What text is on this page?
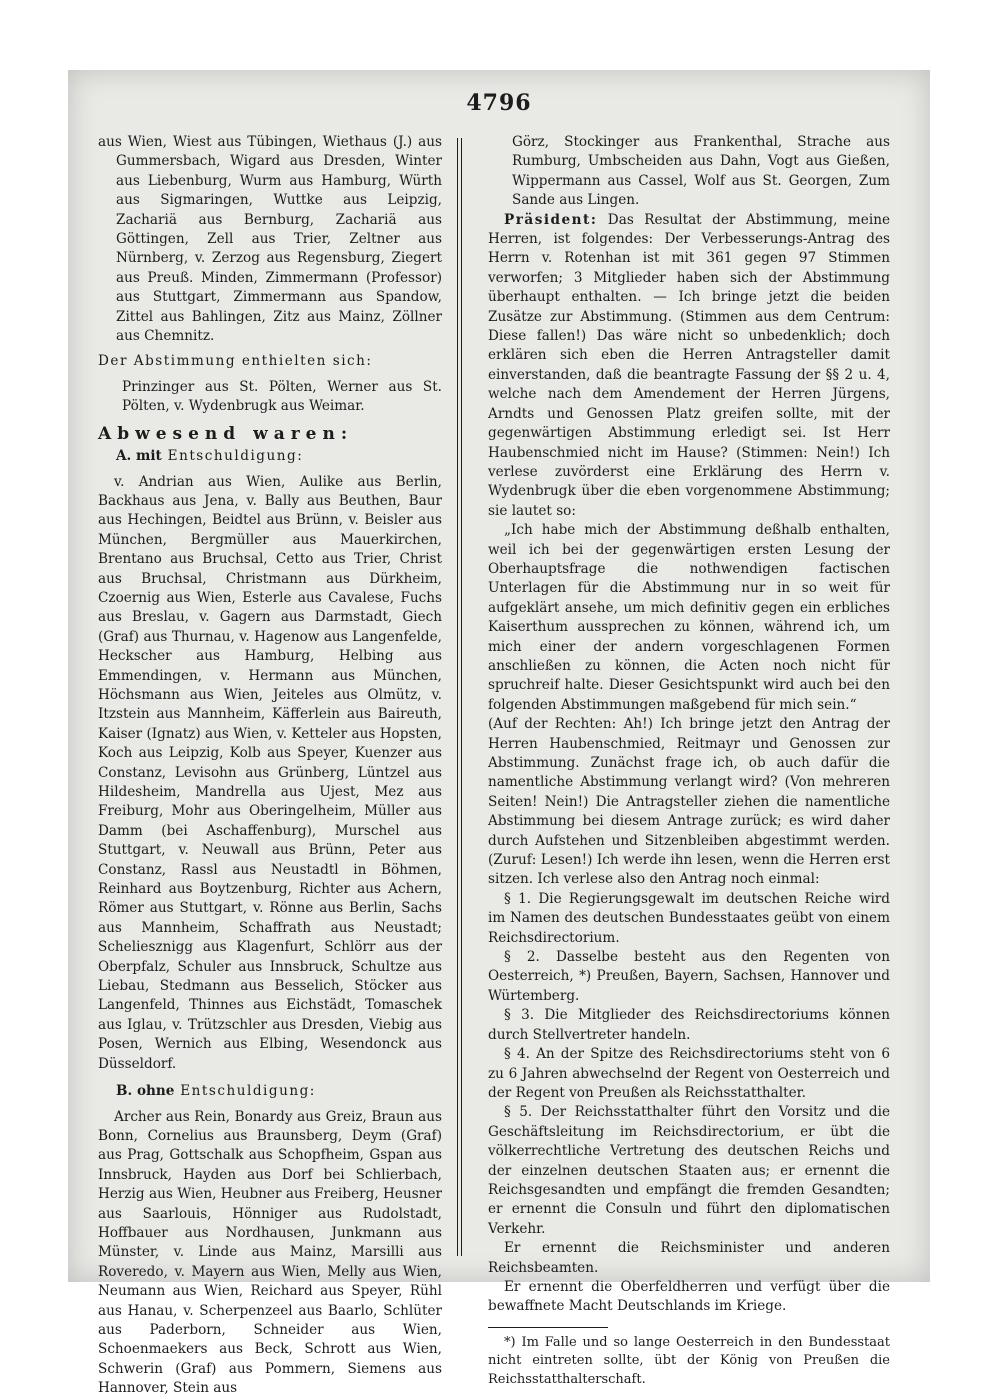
4796

aus Wien, Wiest aus Tübingen, Wiethaus (J.) aus Gummersbach, Wigard aus Dresden, Winter aus Liebenburg, Wurm aus Hamburg, Würth aus Sigmaringen, Wuttke aus Leipzig, Zachariä aus Bernburg, Zachariä aus Göttingen, Zell aus Trier, Zeltner aus Nürnberg, v. Zerzog aus Regensburg, Ziegert aus Preuß. Minden, Zimmermann (Professor) aus Stuttgart, Zimmermann aus Spandow, Zittel aus Bahlingen, Zitz aus Mainz, Zöllner aus Chemnitz.

Der Abstimmung enthielten sich:

Prinzinger aus St. Pölten, Werner aus St. Pölten, v. Wydenbrugk aus Weimar.

Abwesend waren:

A. mit Entschuldigung:

v. Andrian aus Wien, Aulike aus Berlin, Backhaus aus Jena, v. Bally aus Beuthen, Baur aus Hechingen, Beidtel aus Brünn, v. Beisler aus München, Bergmüller aus Mauerkirchen, Brentano aus Bruchsal, Cetto aus Trier, Christ aus Bruchsal, Christmann aus Dürkheim, Czoernig aus Wien, Esterle aus Cavalese, Fuchs aus Breslau, v. Gagern aus Darmstadt, Giech (Graf) aus Thurnau, v. Hagenow aus Langenfelde, Heckscher aus Hamburg, Helbing aus Emmendingen, v. Hermann aus München, Höchsmann aus Wien, Jeiteles aus Olmütz, v. Itzstein aus Mannheim, Käfferlein aus Baireuth, Kaiser (Ignatz) aus Wien, v. Ketteler aus Hopsten, Koch aus Leipzig, Kolb aus Speyer, Kuenzer aus Constanz, Levisohn aus Grünberg, Lüntzel aus Hildesheim, Mandrella aus Ujest, Mez aus Freiburg, Mohr aus Oberingelheim, Müller aus Damm (bei Aschaffenburg), Murschel aus Stuttgart, v. Neuwall aus Brünn, Peter aus Constanz, Rassl aus Neustadtl in Böhmen, Reinhard aus Boytzenburg, Richter aus Achern, Römer aus Stuttgart, v. Rönne aus Berlin, Sachs aus Mannheim, Schaffrath aus Neustadt; Scheliesznigg aus Klagenfurt, Schlörr aus der Oberpfalz, Schuler aus Innsbruck, Schultze aus Liebau, Stedmann aus Besselich, Stöcker aus Langenfeld, Thinnes aus Eichstädt, Tomaschek aus Iglau, v. Trützschler aus Dresden, Viebig aus Posen, Wernich aus Elbing, Wesendonck aus Düsseldorf.

B. ohne Entschuldigung:

Archer aus Rein, Bonardy aus Greiz, Braun aus Bonn, Cornelius aus Braunsberg, Deym (Graf) aus Prag, Gottschalk aus Schopfheim, Gspan aus Innsbruck, Hayden aus Dorf bei Schlierbach, Herzig aus Wien, Heubner aus Freiberg, Heusner aus Saarlouis, Hönniger aus Rudolstadt, Hoffbauer aus Nordhausen, Junkmann aus Münster, v. Linde aus Mainz, Marsilli aus Roveredo, v. Mayern aus Wien, Melly aus Wien, Neumann aus Wien, Reichard aus Speyer, Rühl aus Hanau, v. Scherpenzeel aus Baarlo, Schlüter aus Paderborn, Schneider aus Wien, Schoenmaekers aus Beck, Schrott aus Wien, Schwerin (Graf) aus Pommern, Siemens aus Hannover, Stein aus

Görz, Stockinger aus Frankenthal, Strache aus Rumburg, Umbscheiden aus Dahn, Vogt aus Gießen, Wippermann aus Cassel, Wolf aus St. Georgen, Zum Sande aus Lingen.

Präsident: Das Resultat der Abstimmung, meine Herren, ist folgendes: Der Verbesserungs-Antrag des Herrn v. Rotenhan ist mit 361 gegen 97 Stimmen verworfen; 3 Mitglieder haben sich der Abstimmung überhaupt enthalten. — Ich bringe jetzt die beiden Zusätze zur Abstimmung. (Stimmen aus dem Centrum: Diese fallen!) Das wäre nicht so unbedenklich; doch erklären sich eben die Herren Antragsteller damit einverstanden, daß die beantragte Fassung der §§ 2 u. 4, welche nach dem Amendement der Herren Jürgens, Arndts und Genossen Platz greifen sollte, mit der gegenwärtigen Abstimmung erledigt sei. Ist Herr Haubenschmied nicht im Hause? (Stimmen: Nein!) Ich verlese zuvörderst eine Erklärung des Herrn v. Wydenbrugk über die eben vorgenommene Abstimmung; sie lautet so:

„Ich habe mich der Abstimmung deßhalb enthalten, weil ich bei der gegenwärtigen ersten Lesung der Oberhauptsfrage die nothwendigen factischen Unterlagen für die Abstimmung nur in so weit für aufgeklärt ansehe, um mich definitiv gegen ein erbliches Kaiserthum aussprechen zu können, während ich, um mich einer der andern vorgeschlagenen Formen anschließen zu können, die Acten noch nicht für spruchreif halte. Dieser Gesichtspunkt wird auch bei den folgenden Abstimmungen maßgebend für mich sein.“

(Auf der Rechten: Ah!) Ich bringe jetzt den Antrag der Herren Haubenschmied, Reitmayr und Genossen zur Abstimmung. Zunächst frage ich, ob auch dafür die namentliche Abstimmung verlangt wird? (Von mehreren Seiten! Nein!) Die Antragsteller ziehen die namentliche Abstimmung bei diesem Antrage zurück; es wird daher durch Aufstehen und Sitzenbleiben abgestimmt werden. (Zuruf: Lesen!) Ich werde ihn lesen, wenn die Herren erst sitzen. Ich verlese also den Antrag noch einmal:

§ 1. Die Regierungsgewalt im deutschen Reiche wird im Namen des deutschen Bundesstaates geübt von einem Reichsdirectorium.

§ 2. Dasselbe besteht aus den Regenten von Oesterreich, *) Preußen, Bayern, Sachsen, Hannover und Würtemberg.

§ 3. Die Mitglieder des Reichsdirectoriums können durch Stellvertreter handeln.

§ 4. An der Spitze des Reichsdirectoriums steht von 6 zu 6 Jahren abwechselnd der Regent von Oesterreich und der Regent von Preußen als Reichsstatthalter.

§ 5. Der Reichsstatthalter führt den Vorsitz und die Geschäftsleitung im Reichsdirectorium, er übt die völkerrechtliche Vertretung des deutschen Reichs und der einzelnen deutschen Staaten aus; er ernennt die Reichsgesandten und empfängt die fremden Gesandten; er ernennt die Consuln und führt den diplomatischen Verkehr.

Er ernennt die Reichsminister und anderen Reichsbeamten.

Er ernennt die Oberfeldherren und verfügt über die bewaffnete Macht Deutschlands im Kriege.

*) Im Falle und so lange Oesterreich in den Bundesstaat nicht eintreten sollte, übt der König von Preußen die Reichsstatthalterschaft.
